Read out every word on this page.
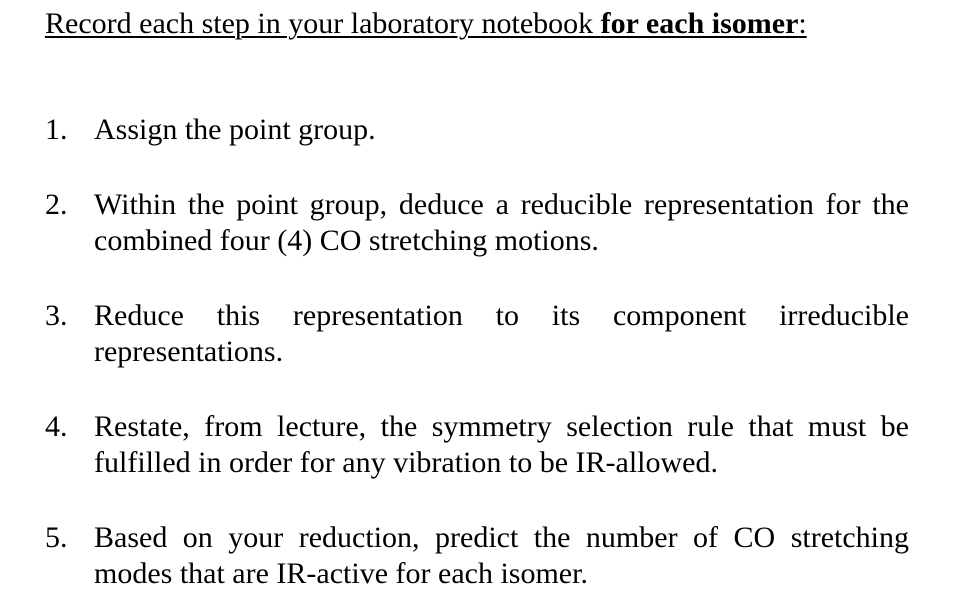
Record each step in your laboratory notebook for each isomer:
1. Assign the point group.
2. Within the point group, deduce a reducible representation for the combined four (4) CO stretching motions.
3. Reduce this representation to its component irreducible representations.
4. Restate, from lecture, the symmetry selection rule that must be fulfilled in order for any vibration to be IR-allowed.
5. Based on your reduction, predict the number of CO stretching modes that are IR-active for each isomer.
